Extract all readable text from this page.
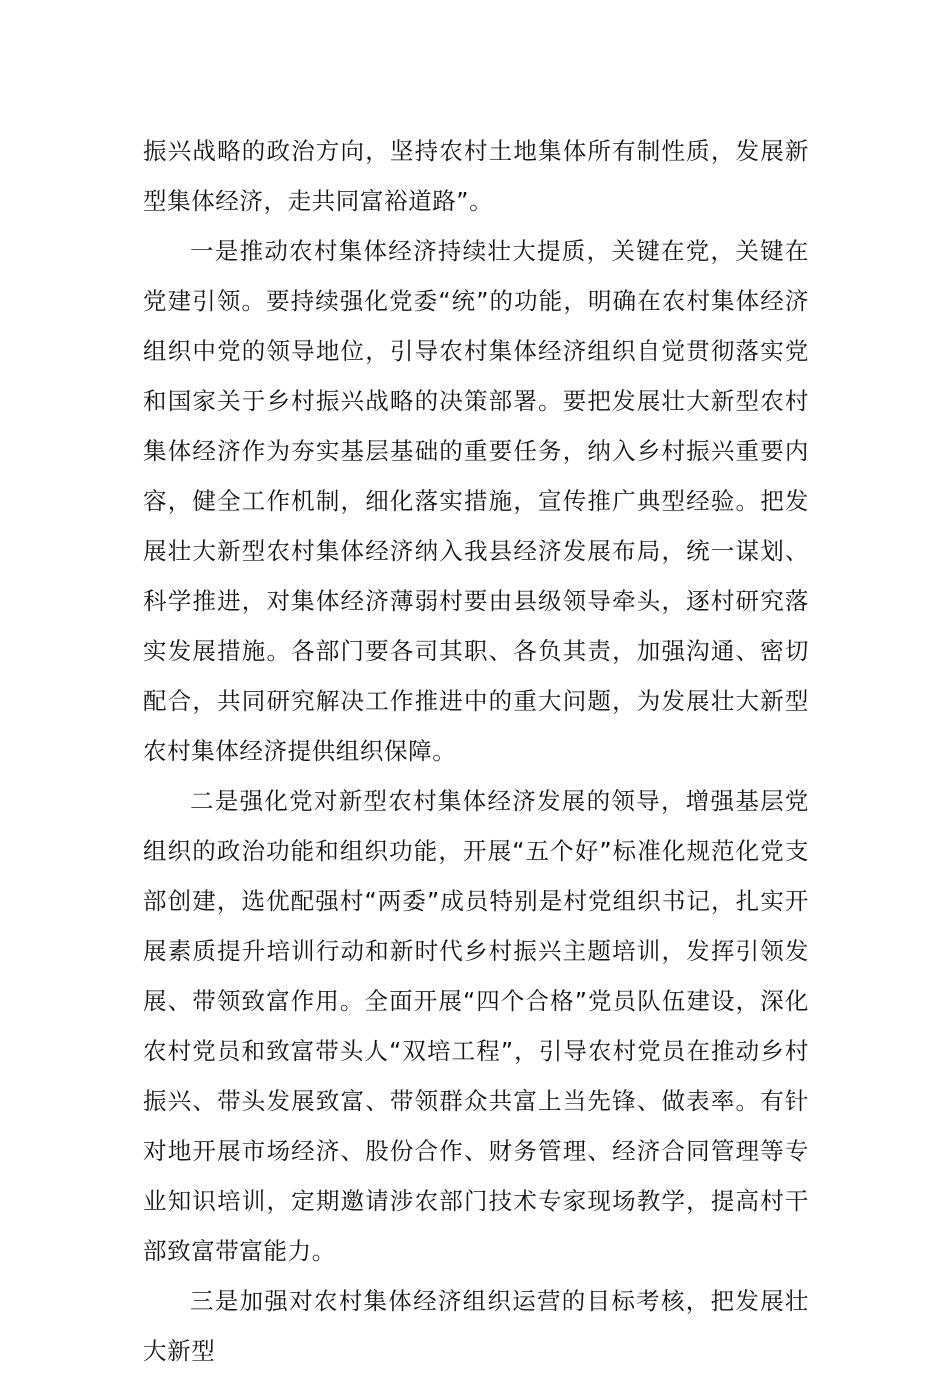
振兴战略的政治方向，坚持农村土地集体所有制性质，发展新型集体经济，走共同富裕道路”。

一是推动农村集体经济持续壮大提质，关键在党，关键在党建引领。要持续强化党委“统”的功能，明确在农村集体经济组织中党的领导地位，引导农村集体经济组织自觉贯彻落实党和国家关于乡村振兴战略的决策部署。要把发展壮大新型农村集体经济作为夯实基层基础的重要任务，纳入乡村振兴重要内容，健全工作机制，细化落实措施，宣传推广典型经验。把发展壮大新型农村集体经济纳入我县经济发展布局，统一谋划、科学推进，对集体经济薄弱村要由县级领导牵头，逐村研究落实发展措施。各部门要各司其职、各负其责，加强沟通、密切配合，共同研究解决工作推进中的重大问题，为发展壮大新型农村集体经济提供组织保障。

二是强化党对新型农村集体经济发展的领导，增强基层党组织的政治功能和组织功能，开展“五个好”标准化规范化党支部创建，选优配强村“两委”成员特别是村党组织书记，扎实开展素质提升培训行动和新时代乡村振兴主题培训，发挥引领发展、带领致富作用。全面开展“四个合格”党员队伍建设，深化农村党员和致富带头人“双培工程”，引导农村党员在推动乡村振兴、带头发展致富、带领群众共富上当先锋、做表率。有针对地开展市场经济、股份合作、财务管理、经济合同管理等专业知识培训，定期邀请涉农部门技术专家现场教学，提高村干部致富带富能力。

三是加强对农村集体经济组织运营的目标考核，把发展壮大新型
